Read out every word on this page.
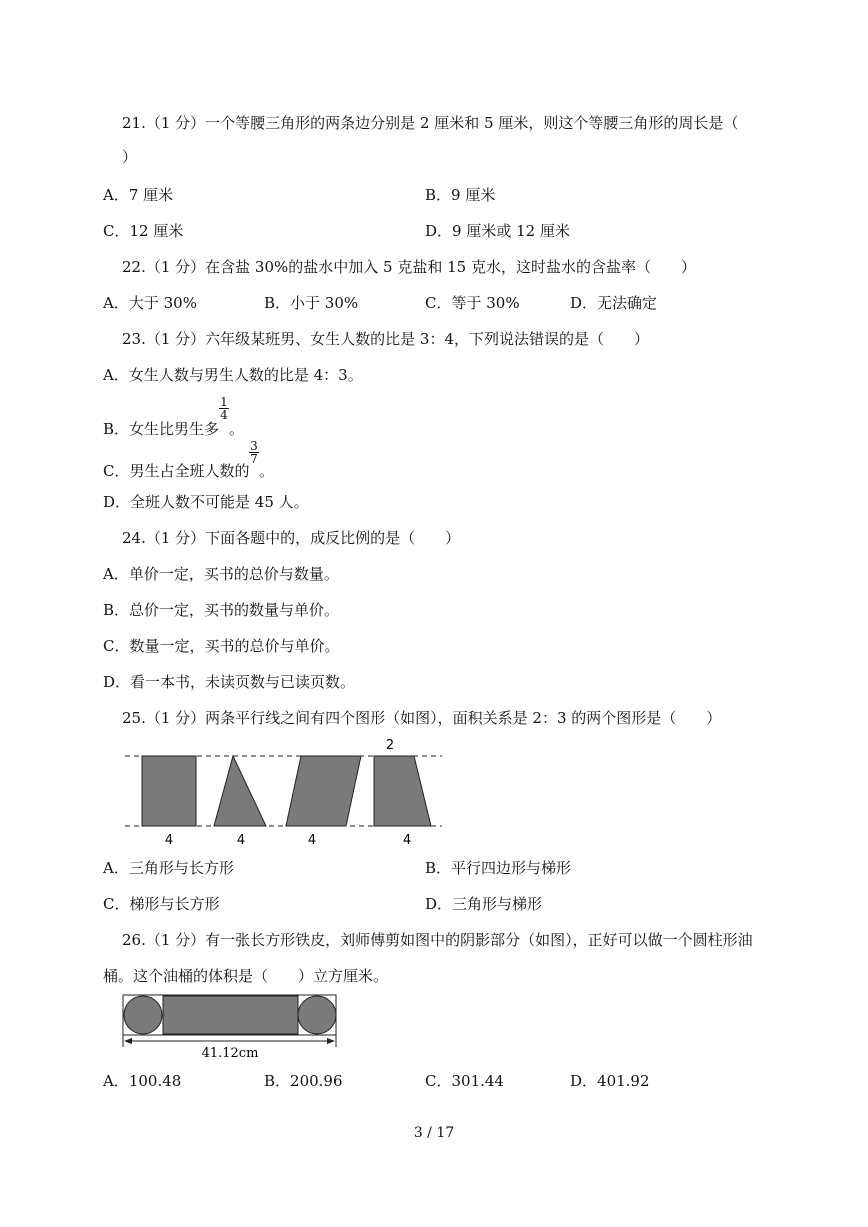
21.（1 分）一个等腰三角形的两条边分别是 2 厘米和 5 厘米，则这个等腰三角形的周长是（
）
A．7 厘米	B．9 厘米
C．12 厘米	D．9 厘米或 12 厘米
22.（1 分）在含盐 30%的盐水中加入 5 克盐和 15 克水，这时盐水的含盐率（　　）
A．大于 30%	B．小于 30%	C．等于 30%	D．无法确定
23.（1 分）六年级某班男、女生人数的比是 3：4，下列说法错误的是（　　）
A．女生人数与男生人数的比是 4：3。
B．女生比男生多
$\frac{1}{4}$
。
C．男生占全班人数的
$\frac{3}{7}$
。
D．全班人数不可能是 45 人。
24.（1 分）下面各题中的，成反比例的是（　　）
A．单价一定，买书的总价与数量。
B．总价一定，买书的数量与单价。
C．数量一定，买书的总价与单价。
D．看一本书，未读页数与已读页数。
25.（1 分）两条平行线之间有四个图形（如图），面积关系是 2：3 的两个图形是（　　）
2
4	4	4	4
A．三角形与长方形	B．平行四边形与梯形
C．梯形与长方形	D．三角形与梯形
26.（1 分）有一张长方形铁皮，刘师傅剪如图中的阴影部分（如图），正好可以做一个圆柱形油
桶。这个油桶的体积是（　　）立方厘米。
41.12cm
A．100.48	B．200.96	C．301.44	D．401.92
3 / 17
